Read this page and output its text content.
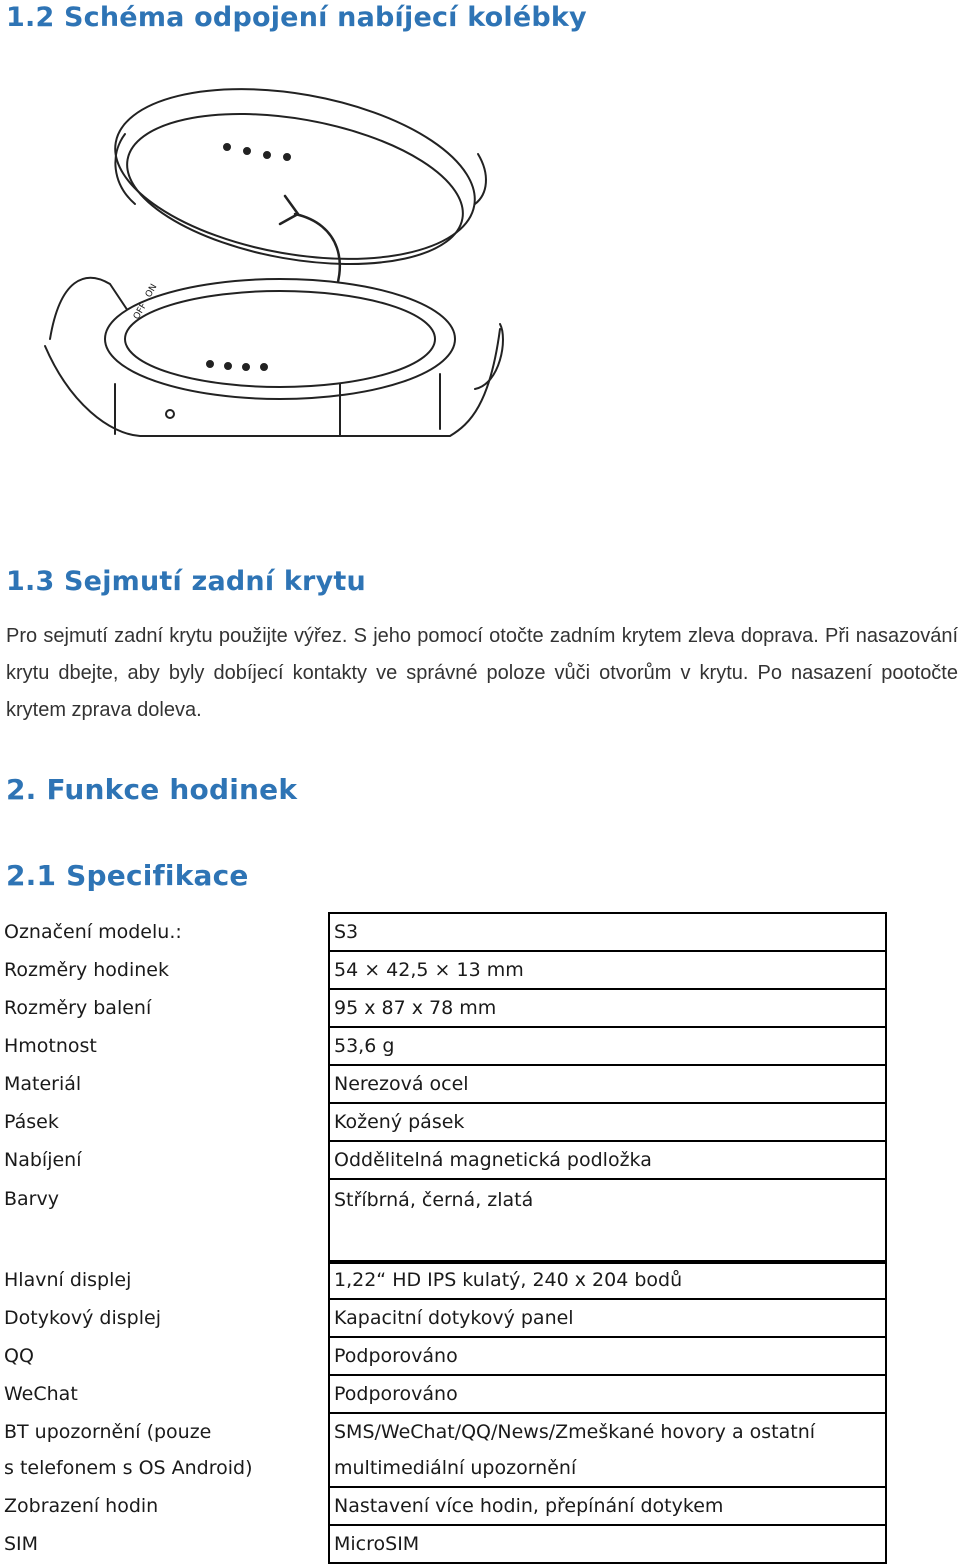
1.2 Schéma odpojení nabíjecí kolébky
ON
OFF
1.3 Sejmutí zadní krytu

Pro sejmutí zadní krytu použijte výřez. S jeho pomocí otočte zadním krytem zleva doprava. Při nasazování krytu dbejte, aby byly dobíjecí kontakty ve správné poloze vůči otvorům v krytu. Po nasazení pootočte krytem zprava doleva.

2. Funkce hodinek
2.1 Specifikace
Označení modelu.:	S3
Rozměry hodinek	54 × 42,5 × 13 mm
Rozměry balení	95 x 87 x 78 mm
Hmotnost	53,6 g
Materiál	Nerezová ocel
Pásek	Kožený pásek
Nabíjení	Oddělitelná magnetická podložka
Barvy	Stříbrná, černá, zlatá
Hlavní displej	1,22“ HD IPS kulatý, 240 x 204 bodů
Dotykový displej	Kapacitní dotykový panel
QQ	Podporováno
WeChat	Podporováno

BT upozornění (pouze
s telefonem s OS Android)	SMS/WeChat/QQ/News/Zmeškané hovory a ostatní
multimediální upozornění

Zobrazení hodin	Nastavení více hodin, přepínání dotykem
SIM	MicroSIM
